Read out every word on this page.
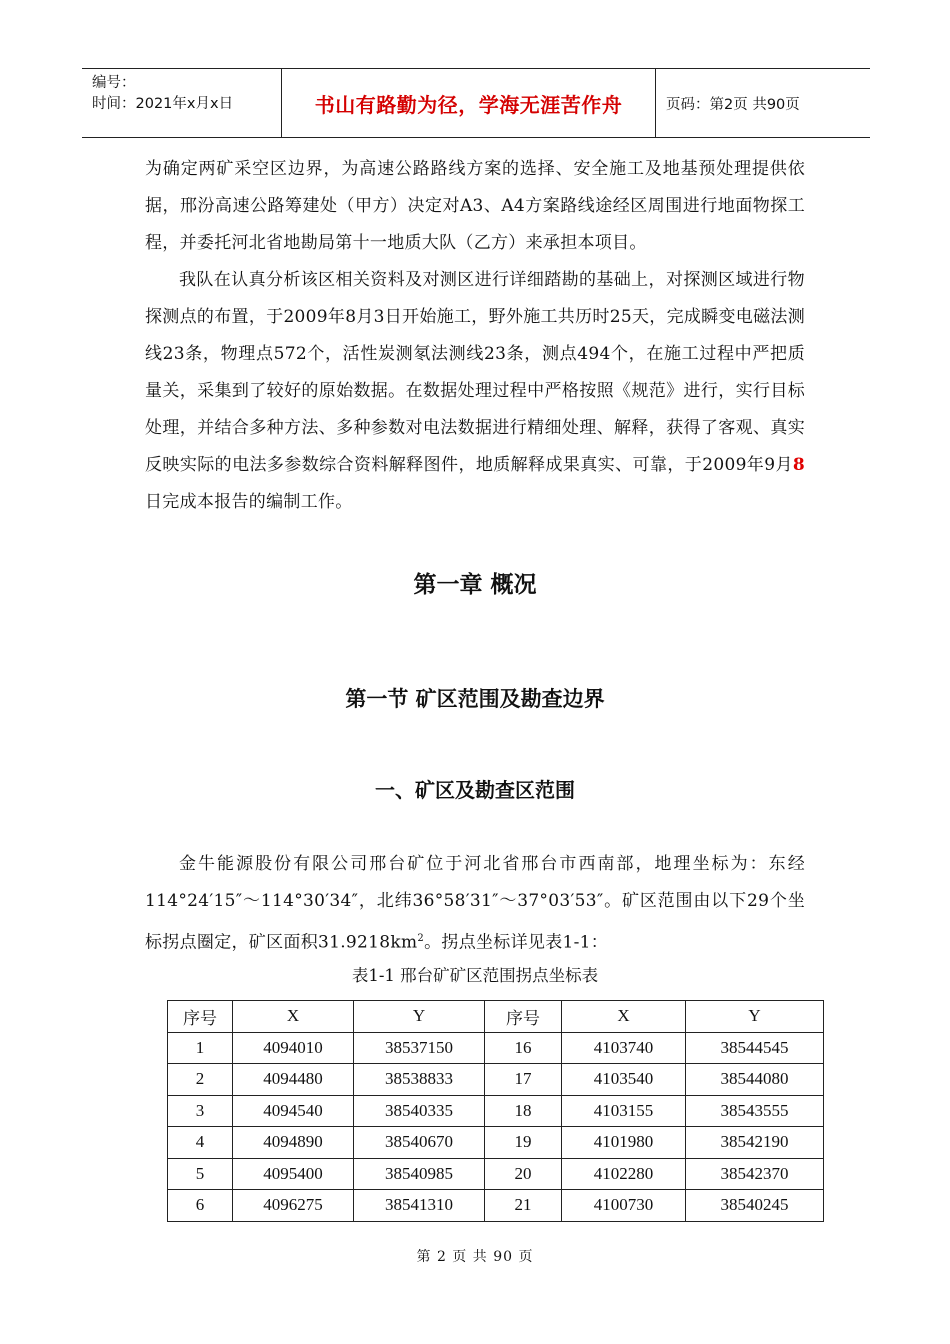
编号：
时间：2021年x月x日	书山有路勤为径，学海无涯苦作舟	页码：第2页 共90页

为确定两矿采空区边界，为高速公路路线方案的选择、安全施工及地基预处理提供依据，邢汾高速公路筹建处（甲方）决定对A3、A4方案路线途经区周围进行地面物探工程，并委托河北省地勘局第十一地质大队（乙方）来承担本项目。

我队在认真分析该区相关资料及对测区进行详细踏勘的基础上，对探测区域进行物探测点的布置，于2009年8月3日开始施工，野外施工共历时25天，完成瞬变电磁法测线23条，物理点572个，活性炭测氡法测线23条，测点494个，在施工过程中严把质量关，采集到了较好的原始数据。在数据处理过程中严格按照《规范》进行，实行目标处理，并结合多种方法、多种参数对电法数据进行精细处理、解释，获得了客观、真实反映实际的电法多参数综合资料解释图件，地质解释成果真实、可靠，于2009年9月8日完成本报告的编制工作。

第一章 概况
第一节 矿区范围及勘查边界
一、矿区及勘查区范围

金牛能源股份有限公司邢台矿位于河北省邢台市西南部，地理坐标为：东经114°24′15″～114°30′34″，北纬36°58′31″～37°03′53″。矿区范围由以下29个坐标拐点圈定，矿区面积$31.9218km^2$。拐点坐标详见表1-1：

表1-1 邢台矿矿区范围拐点坐标表
序号	X	Y	序号	X	Y
1	4094010	38537150	16	4103740	38544545
2	4094480	38538833	17	4103540	38544080
3	4094540	38540335	18	4103155	38543555
4	4094890	38540670	19	4101980	38542190
5	4095400	38540985	20	4102280	38542370
6	4096275	38541310	21	4100730	38540245
第 2 页 共 90 页
